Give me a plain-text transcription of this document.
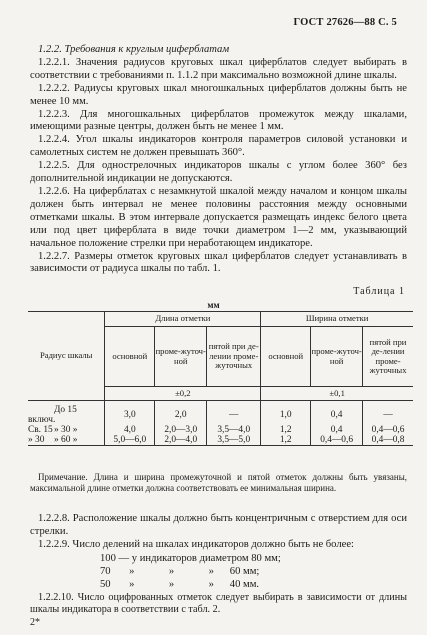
ГОСТ 27626—88 С. 5

1.2.2. Требования к круглым циферблатам

1.2.2.1. Значения радиусов круговых шкал циферблатов следует выбирать в соответствии с требованиями п. 1.1.2 при максимально возможной длине шкалы.

1.2.2.2. Радиусы круговых шкал многошкальных циферблатов должны быть не менее 10 мм.

1.2.2.3. Для многошкальных циферблатов промежуток между шкалами, имеющими разные центры, должен быть не менее 1 мм.

1.2.2.4. Угол шкалы индикаторов контроля параметров силовой установки и самолетных систем не должен превышать 360°.

1.2.2.5. Для однострелочных индикаторов шкалы с углом более 360° без дополнительной индикации не допускаются.

1.2.2.6. На циферблатах с незамкнутой шкалой между началом и концом шкалы должен быть интервал не менее половины расстояния между основными отметками шкалы. В этом интервале допускается размещать индекс белого цвета или под цвет циферблата в виде точки диаметром 1—2 мм, указывающий начальное положение стрелки при неработающем индикаторе.

1.2.2.7. Размеры отметок круговых шкал циферблатов следует устанавливать в зависимости от радиуса шкалы по табл. 1.

Таблица 1
мм
Радиус шкалы	Длина отметки			Ширина отметки		
	основной	проме-жуточ-ной	пятой при де-лении проме-жуточных	основной	проме-жуточ-ной	пятой при де-лении проме-жуточных
	±0,2			±0,1		

До 15 включ.	3,0	2,0	—	1,0	0,4	—
Св. 15» 30 »	4,0	2,0—3,0	3,5—4,0	1,2	0,4	0,4—0,6
» 30 » 60 »	5,0—6,0	2,0—4,0	3,5—5,0	1,2	0,4—0,6	0,4—0,8
Примечание. Длина и ширина промежуточной и пятой отметок должны быть увязаны, максимальной длине отметки должна соответствовать ее минимальная ширина.

1.2.2.8. Расположение шкалы должно быть концентричным с отверстием для оси стрелки.

1.2.2.9. Число делений на шкалах индикаторов должно быть не более:

100 — у индикаторов диаметром 80 мм;
70       »             »             »      60 мм;
50       »             »             »      40 мм.

1.2.2.10. Число оцифрованных отметок следует выбирать в зависимости от длины шкалы индикатора в соответствии с табл. 2.

2*
